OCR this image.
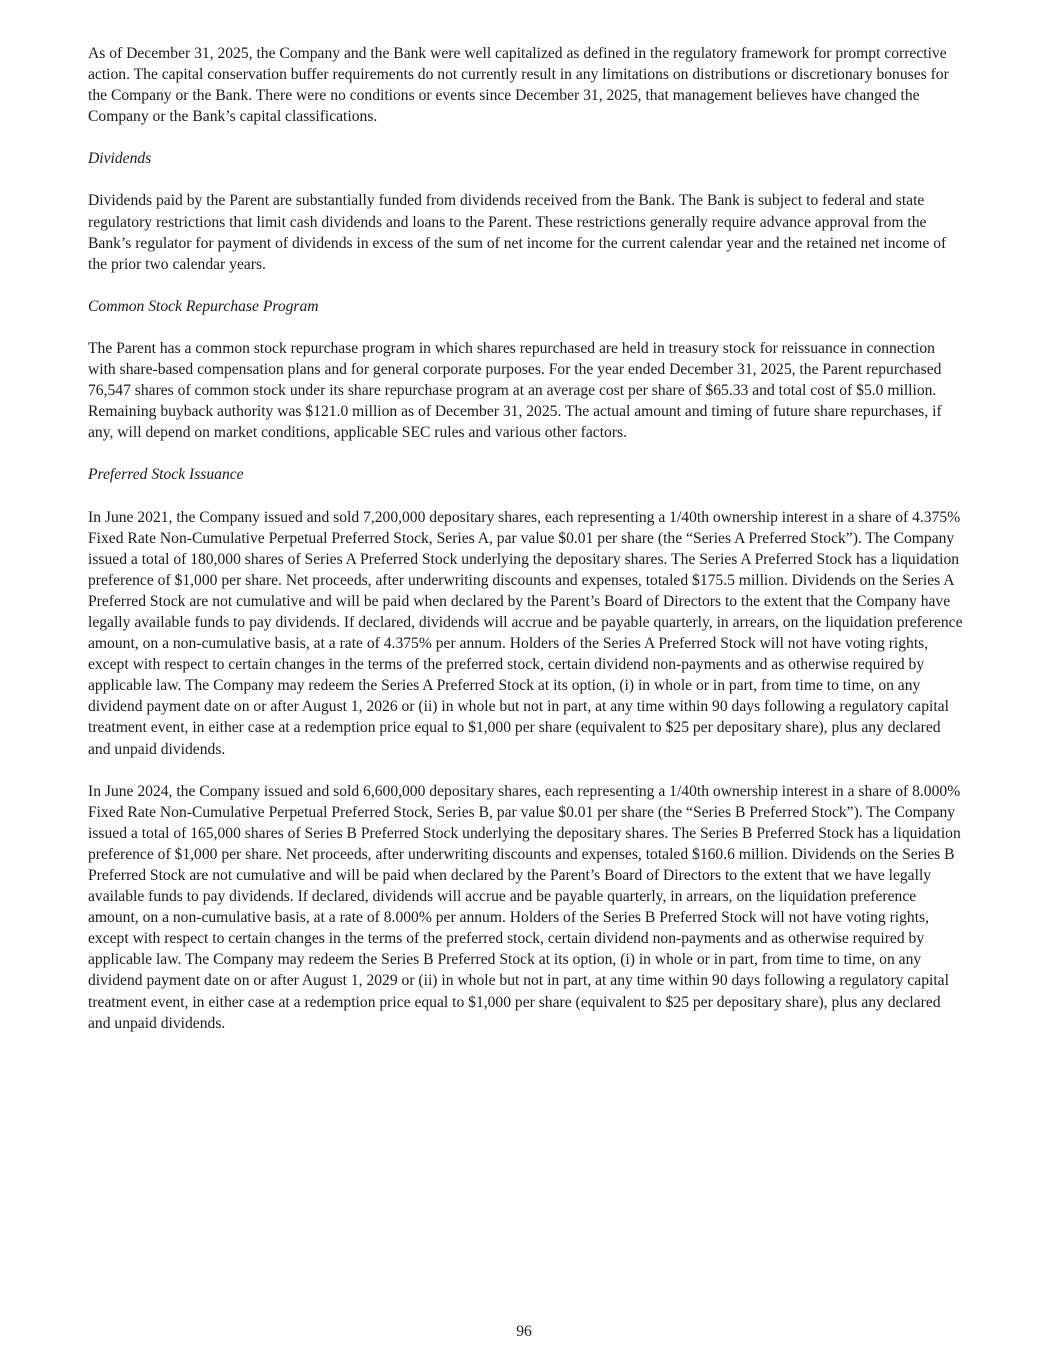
As of December 31, 2025, the Company and the Bank were well capitalized as defined in the regulatory framework for prompt corrective action. The capital conservation buffer requirements do not currently result in any limitations on distributions or discretionary bonuses for the Company or the Bank. There were no conditions or events since December 31, 2025, that management believes have changed the Company or the Bank’s capital classifications.

Dividends

Dividends paid by the Parent are substantially funded from dividends received from the Bank. The Bank is subject to federal and state regulatory restrictions that limit cash dividends and loans to the Parent. These restrictions generally require advance approval from the Bank’s regulator for payment of dividends in excess of the sum of net income for the current calendar year and the retained net income of the prior two calendar years.

Common Stock Repurchase Program

The Parent has a common stock repurchase program in which shares repurchased are held in treasury stock for reissuance in connection with share-based compensation plans and for general corporate purposes. For the year ended December 31, 2025, the Parent repurchased 76,547 shares of common stock under its share repurchase program at an average cost per share of $65.33 and total cost of $5.0 million. Remaining buyback authority was $121.0 million as of December 31, 2025. The actual amount and timing of future share repurchases, if any, will depend on market conditions, applicable SEC rules and various other factors.

Preferred Stock Issuance

In June 2021, the Company issued and sold 7,200,000 depositary shares, each representing a 1/40th ownership interest in a share of 4.375% Fixed Rate Non-Cumulative Perpetual Preferred Stock, Series A, par value $0.01 per share (the “Series A Preferred Stock”). The Company issued a total of 180,000 shares of Series A Preferred Stock underlying the depositary shares. The Series A Preferred Stock has a liquidation preference of $1,000 per share. Net proceeds, after underwriting discounts and expenses, totaled $175.5 million. Dividends on the Series A Preferred Stock are not cumulative and will be paid when declared by the Parent’s Board of Directors to the extent that the Company have legally available funds to pay dividends. If declared, dividends will accrue and be payable quarterly, in arrears, on the liquidation preference amount, on a non-cumulative basis, at a rate of 4.375% per annum. Holders of the Series A Preferred Stock will not have voting rights, except with respect to certain changes in the terms of the preferred stock, certain dividend non-payments and as otherwise required by applicable law. The Company may redeem the Series A Preferred Stock at its option, (i) in whole or in part, from time to time, on any dividend payment date on or after August 1, 2026 or (ii) in whole but not in part, at any time within 90 days following a regulatory capital treatment event, in either case at a redemption price equal to $1,000 per share (equivalent to $25 per depositary share), plus any declared and unpaid dividends.

In June 2024, the Company issued and sold 6,600,000 depositary shares, each representing a 1/40th ownership interest in a share of 8.000% Fixed Rate Non-Cumulative Perpetual Preferred Stock, Series B, par value $0.01 per share (the “Series B Preferred Stock”). The Company issued a total of 165,000 shares of Series B Preferred Stock underlying the depositary shares. The Series B Preferred Stock has a liquidation preference of $1,000 per share. Net proceeds, after underwriting discounts and expenses, totaled $160.6 million. Dividends on the Series B Preferred Stock are not cumulative and will be paid when declared by the Parent’s Board of Directors to the extent that we have legally available funds to pay dividends. If declared, dividends will accrue and be payable quarterly, in arrears, on the liquidation preference amount, on a non-cumulative basis, at a rate of 8.000% per annum. Holders of the Series B Preferred Stock will not have voting rights, except with respect to certain changes in the terms of the preferred stock, certain dividend non-payments and as otherwise required by applicable law. The Company may redeem the Series B Preferred Stock at its option, (i) in whole or in part, from time to time, on any dividend payment date on or after August 1, 2029 or (ii) in whole but not in part, at any time within 90 days following a regulatory capital treatment event, in either case at a redemption price equal to $1,000 per share (equivalent to $25 per depositary share), plus any declared and unpaid dividends.

96
